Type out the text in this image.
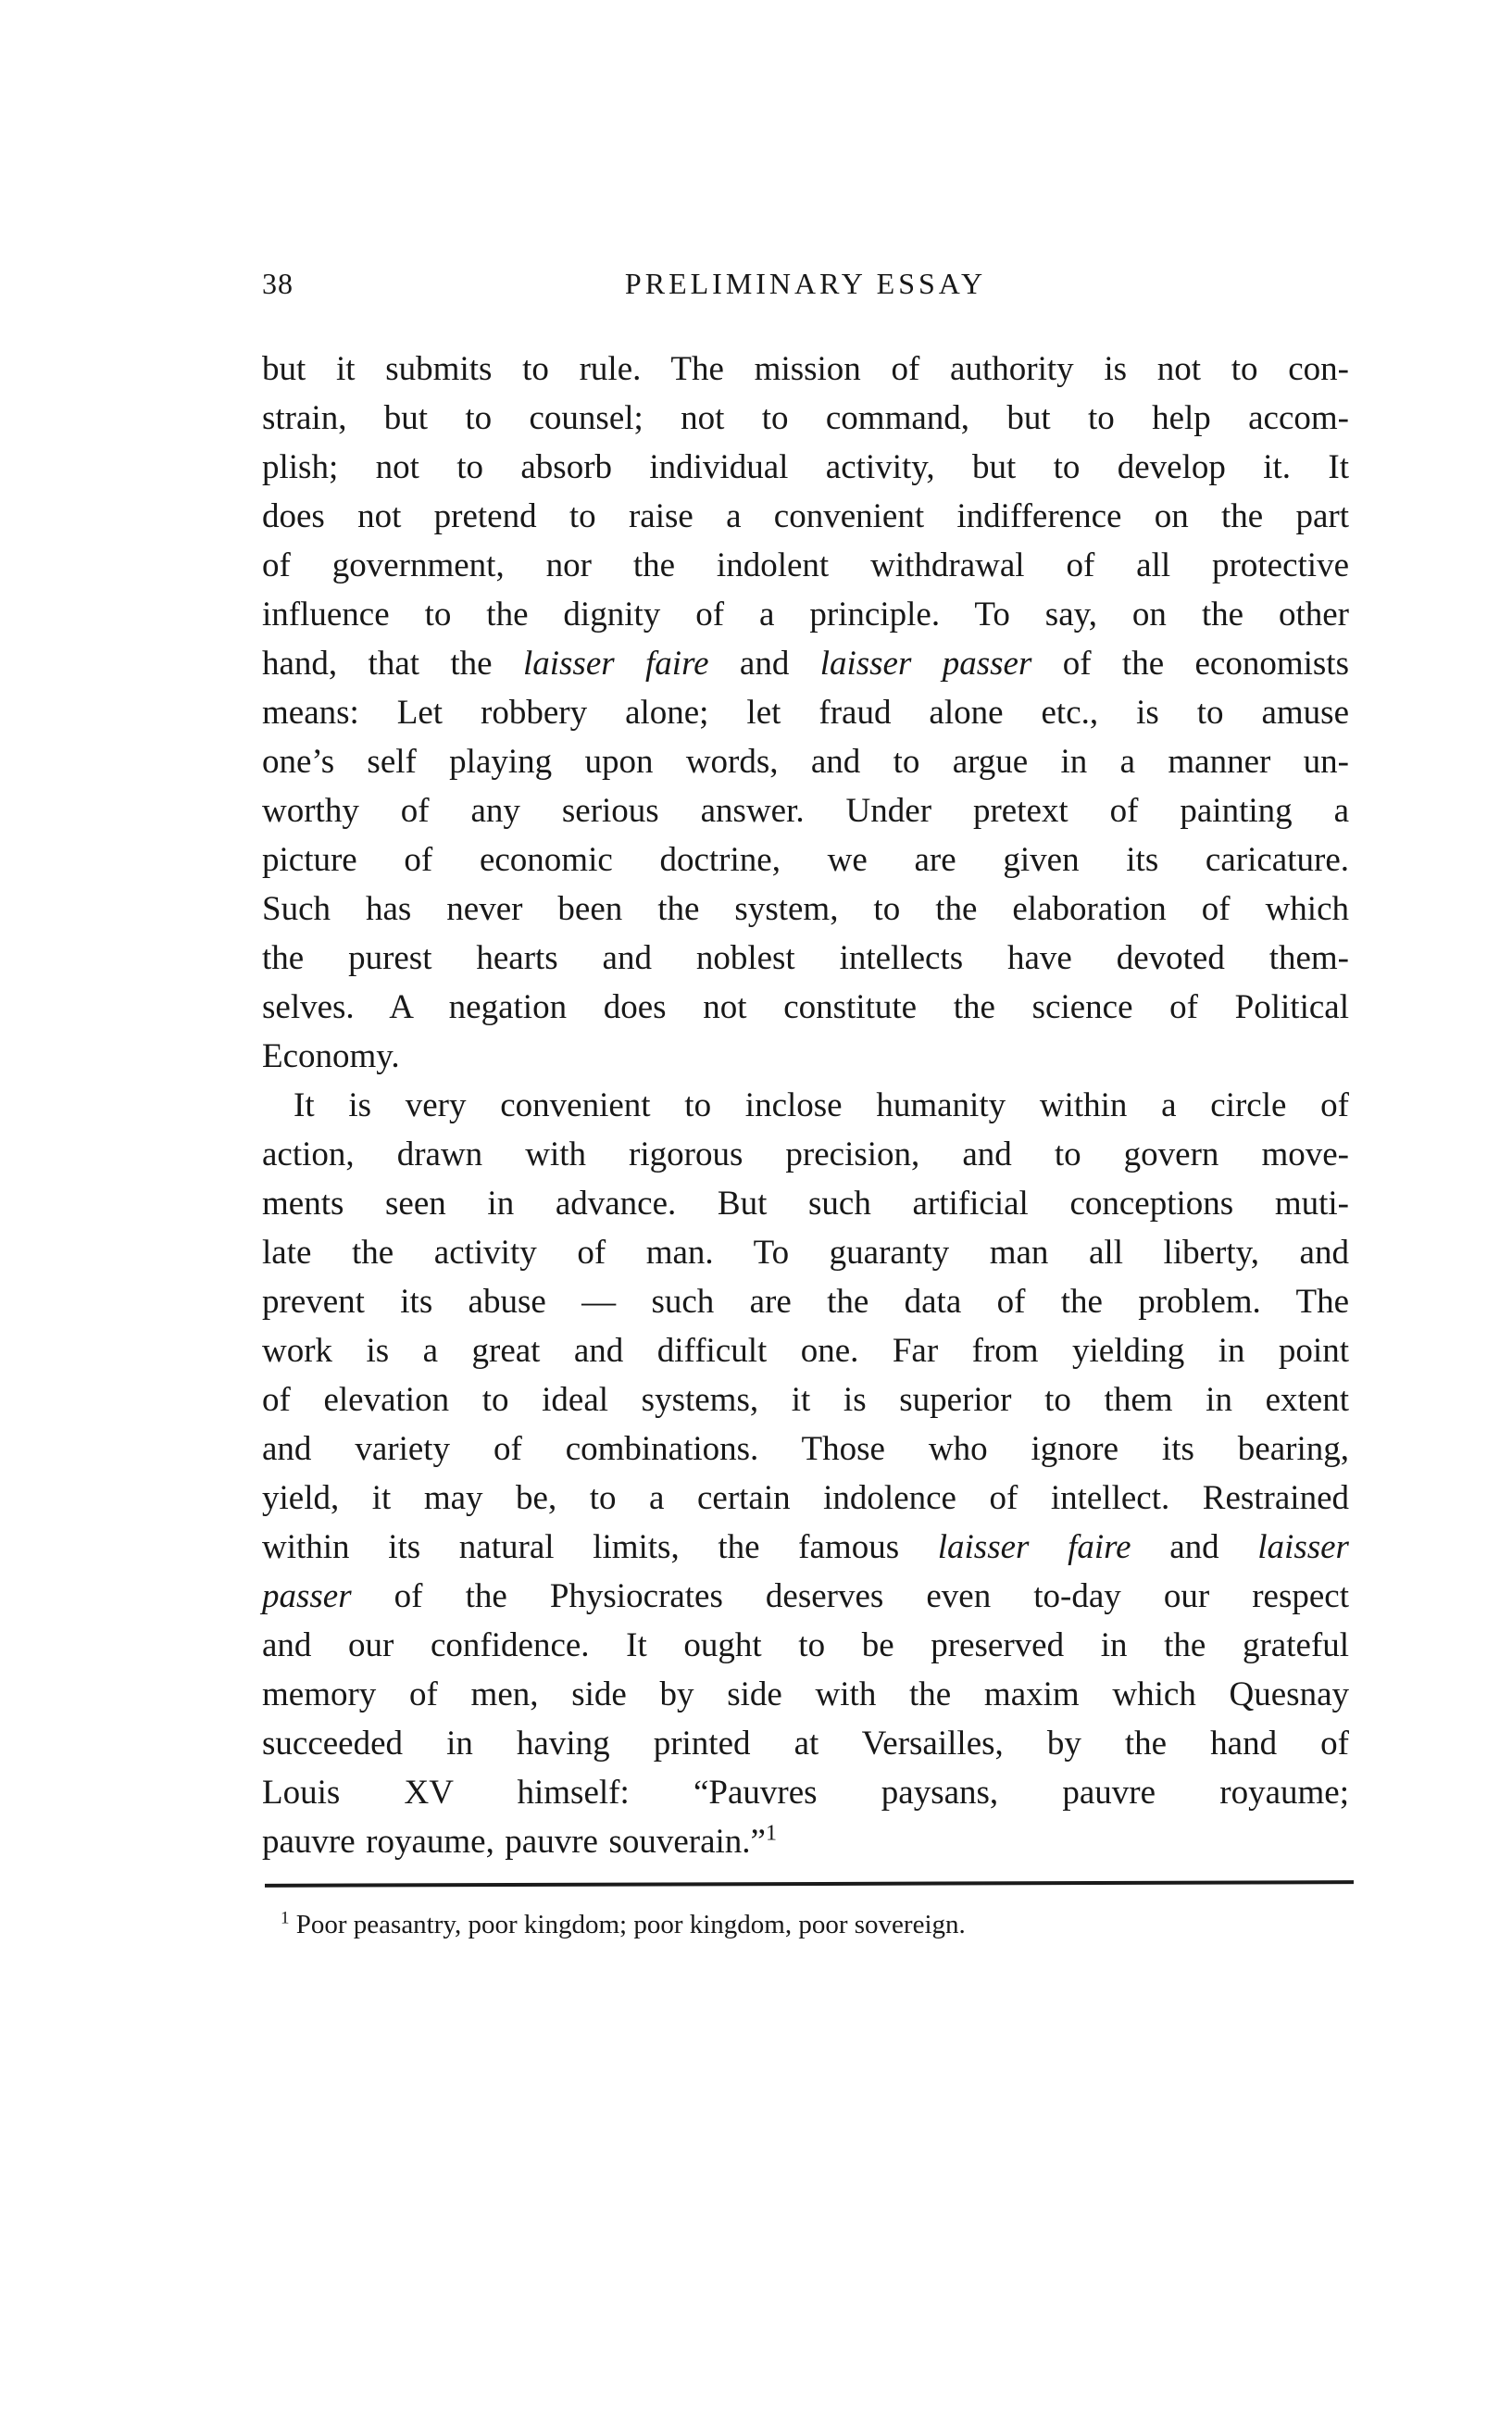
38	PRELIMINARY ESSAY
but it submits to rule. The mission of authority is not to con-
strain, but to counsel; not to command, but to help accom-
plish; not to absorb individual activity, but to develop it. It
does not pretend to raise a convenient indifference on the part
of government, nor the indolent withdrawal of all protective
influence to the dignity of a principle. To say, on the other
hand, that the laisser faire and laisser passer of the economists
means: Let robbery alone; let fraud alone etc., is to amuse
one’s self playing upon words, and to argue in a manner un-
worthy of any serious answer. Under pretext of painting a
picture of economic doctrine, we are given its caricature.
Such has never been the system, to the elaboration of which
the purest hearts and noblest intellects have devoted them-
selves. A negation does not constitute the science of Political
Economy.
It is very convenient to inclose humanity within a circle of
action, drawn with rigorous precision, and to govern move-
ments seen in advance. But such artificial conceptions muti-
late the activity of man. To guaranty man all liberty, and
prevent its abuse — such are the data of the problem. The
work is a great and difficult one. Far from yielding in point
of elevation to ideal systems, it is superior to them in extent
and variety of combinations. Those who ignore its bearing,
yield, it may be, to a certain indolence of intellect. Restrained
within its natural limits, the famous laisser faire and laisser
passer of the Physiocrates deserves even to-day our respect
and our confidence. It ought to be preserved in the grateful
memory of men, side by side with the maxim which Quesnay
succeeded in having printed at Versailles, by the hand of
Louis XV himself: “Pauvres paysans, pauvre royaume;
pauvre royaume, pauvre souverain.”$^1$
$^1$ Poor peasantry, poor kingdom; poor kingdom, poor sovereign.
